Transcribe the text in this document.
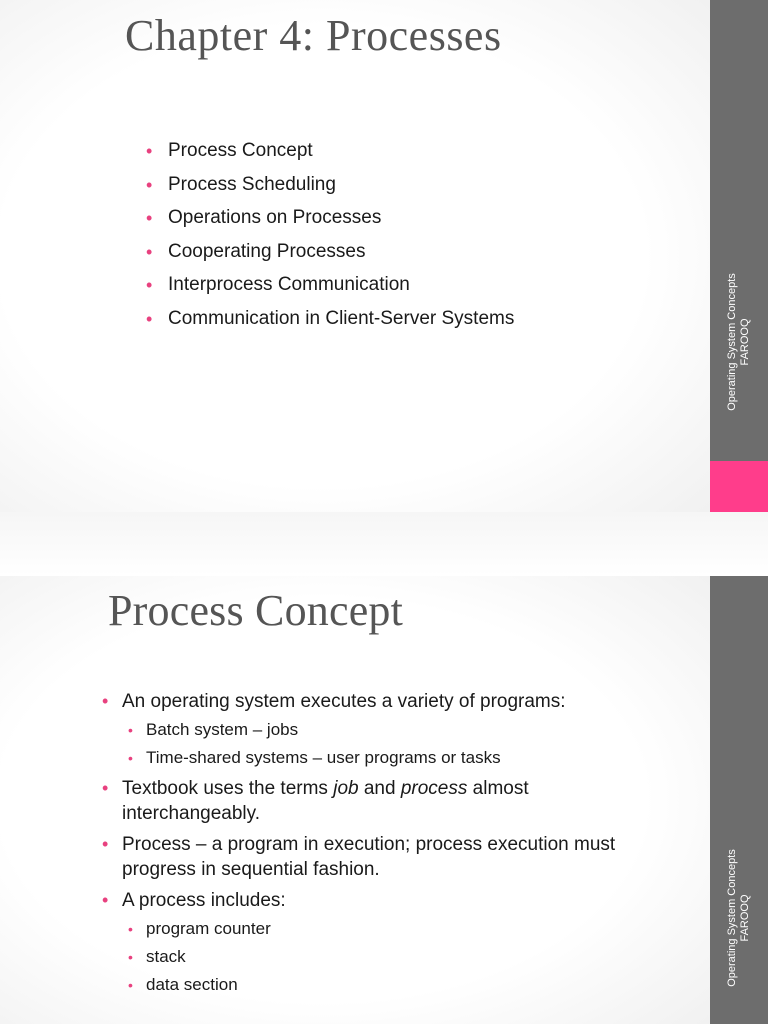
Chapter 4: Processes
• Process Concept
• Process Scheduling
• Operations on Processes
• Cooperating Processes
• Interprocess Communication
• Communication in Client-Server Systems	Operating System Concepts FAROOQ
Operating System Concepts FAROOQ
Process Concept
• An operating system executes a variety of programs:
• Batch system – jobs
• Time-shared systems – user programs or tasks
• Textbook uses the terms job and process almost interchangeably.
• Process – a program in execution; process execution must progress in sequential fashion.
• A process includes:
• program counter
• stack
• data section
